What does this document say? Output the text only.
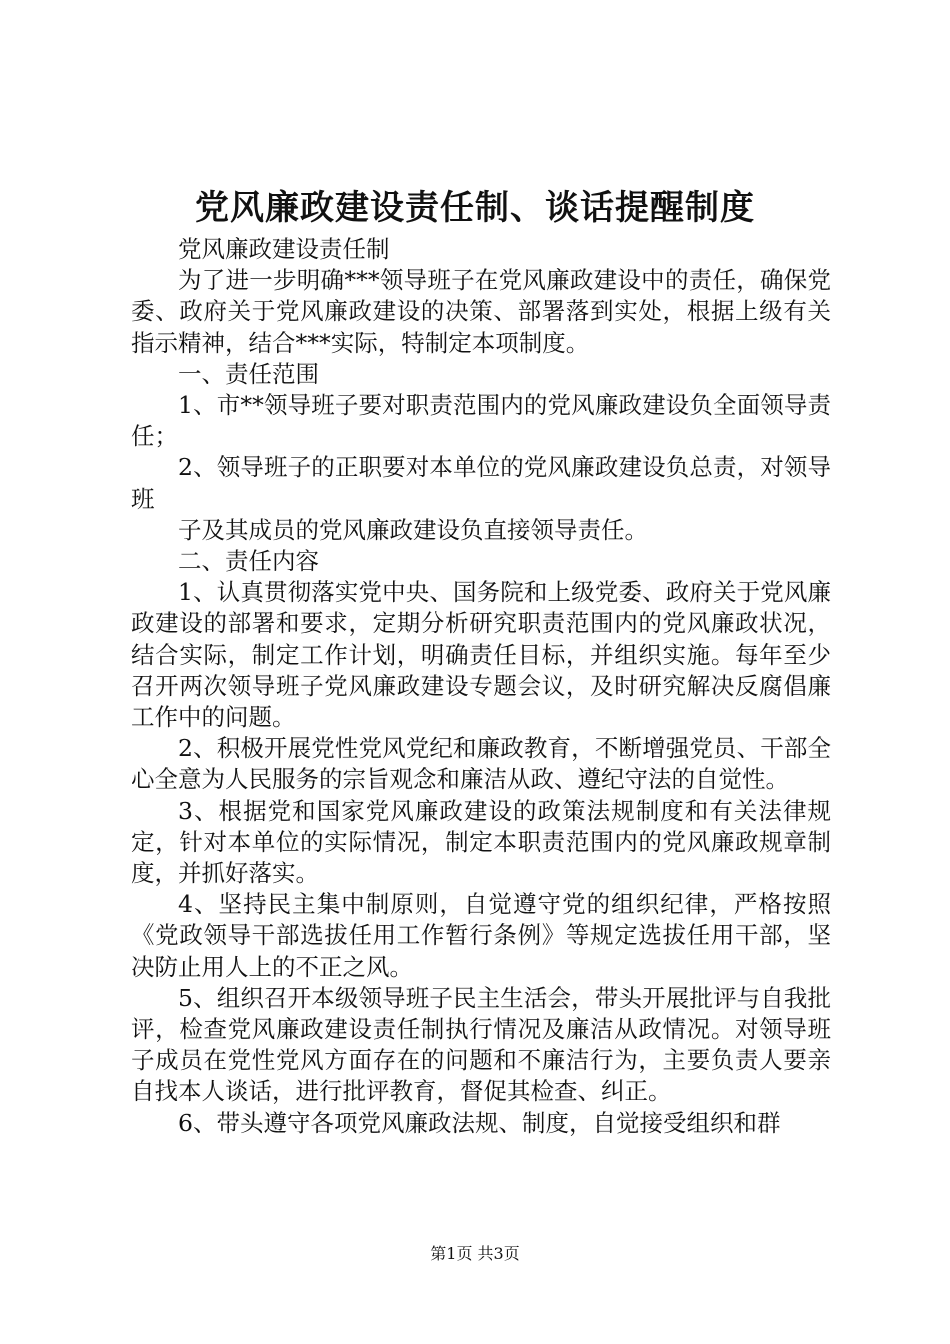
党风廉政建设责任制、谈话提醒制度

党风廉政建设责任制

为了进一步明确***领导班子在党风廉政建设中的责任，确保党委、政府关于党风廉政建设的决策、部署落到实处，根据上级有关指示精神，结合***实际，特制定本项制度。

一、责任范围

1、市**领导班子要对职责范围内的党风廉政建设负全面领导责任；

2、领导班子的正职要对本单位的党风廉政建设负总责，对领导班

子及其成员的党风廉政建设负直接领导责任。

二、责任内容

1、认真贯彻落实党中央、国务院和上级党委、政府关于党风廉政建设的部署和要求，定期分析研究职责范围内的党风廉政状况，结合实际，制定工作计划，明确责任目标，并组织实施。每年至少召开两次领导班子党风廉政建设专题会议，及时研究解决反腐倡廉工作中的问题。

2、积极开展党性党风党纪和廉政教育，不断增强党员、干部全心全意为人民服务的宗旨观念和廉洁从政、遵纪守法的自觉性。

3、根据党和国家党风廉政建设的政策法规制度和有关法律规定，针对本单位的实际情况，制定本职责范围内的党风廉政规章制度，并抓好落实。

4、坚持民主集中制原则，自觉遵守党的组织纪律，严格按照《党政领导干部选拔任用工作暂行条例》等规定选拔任用干部，坚决防止用人上的不正之风。

5、组织召开本级领导班子民主生活会，带头开展批评与自我批评，检查党风廉政建设责任制执行情况及廉洁从政情况。对领导班子成员在党性党风方面存在的问题和不廉洁行为，主要负责人要亲自找本人谈话，进行批评教育，督促其检查、纠正。

6、带头遵守各项党风廉政法规、制度，自觉接受组织和群

第1页 共3页
